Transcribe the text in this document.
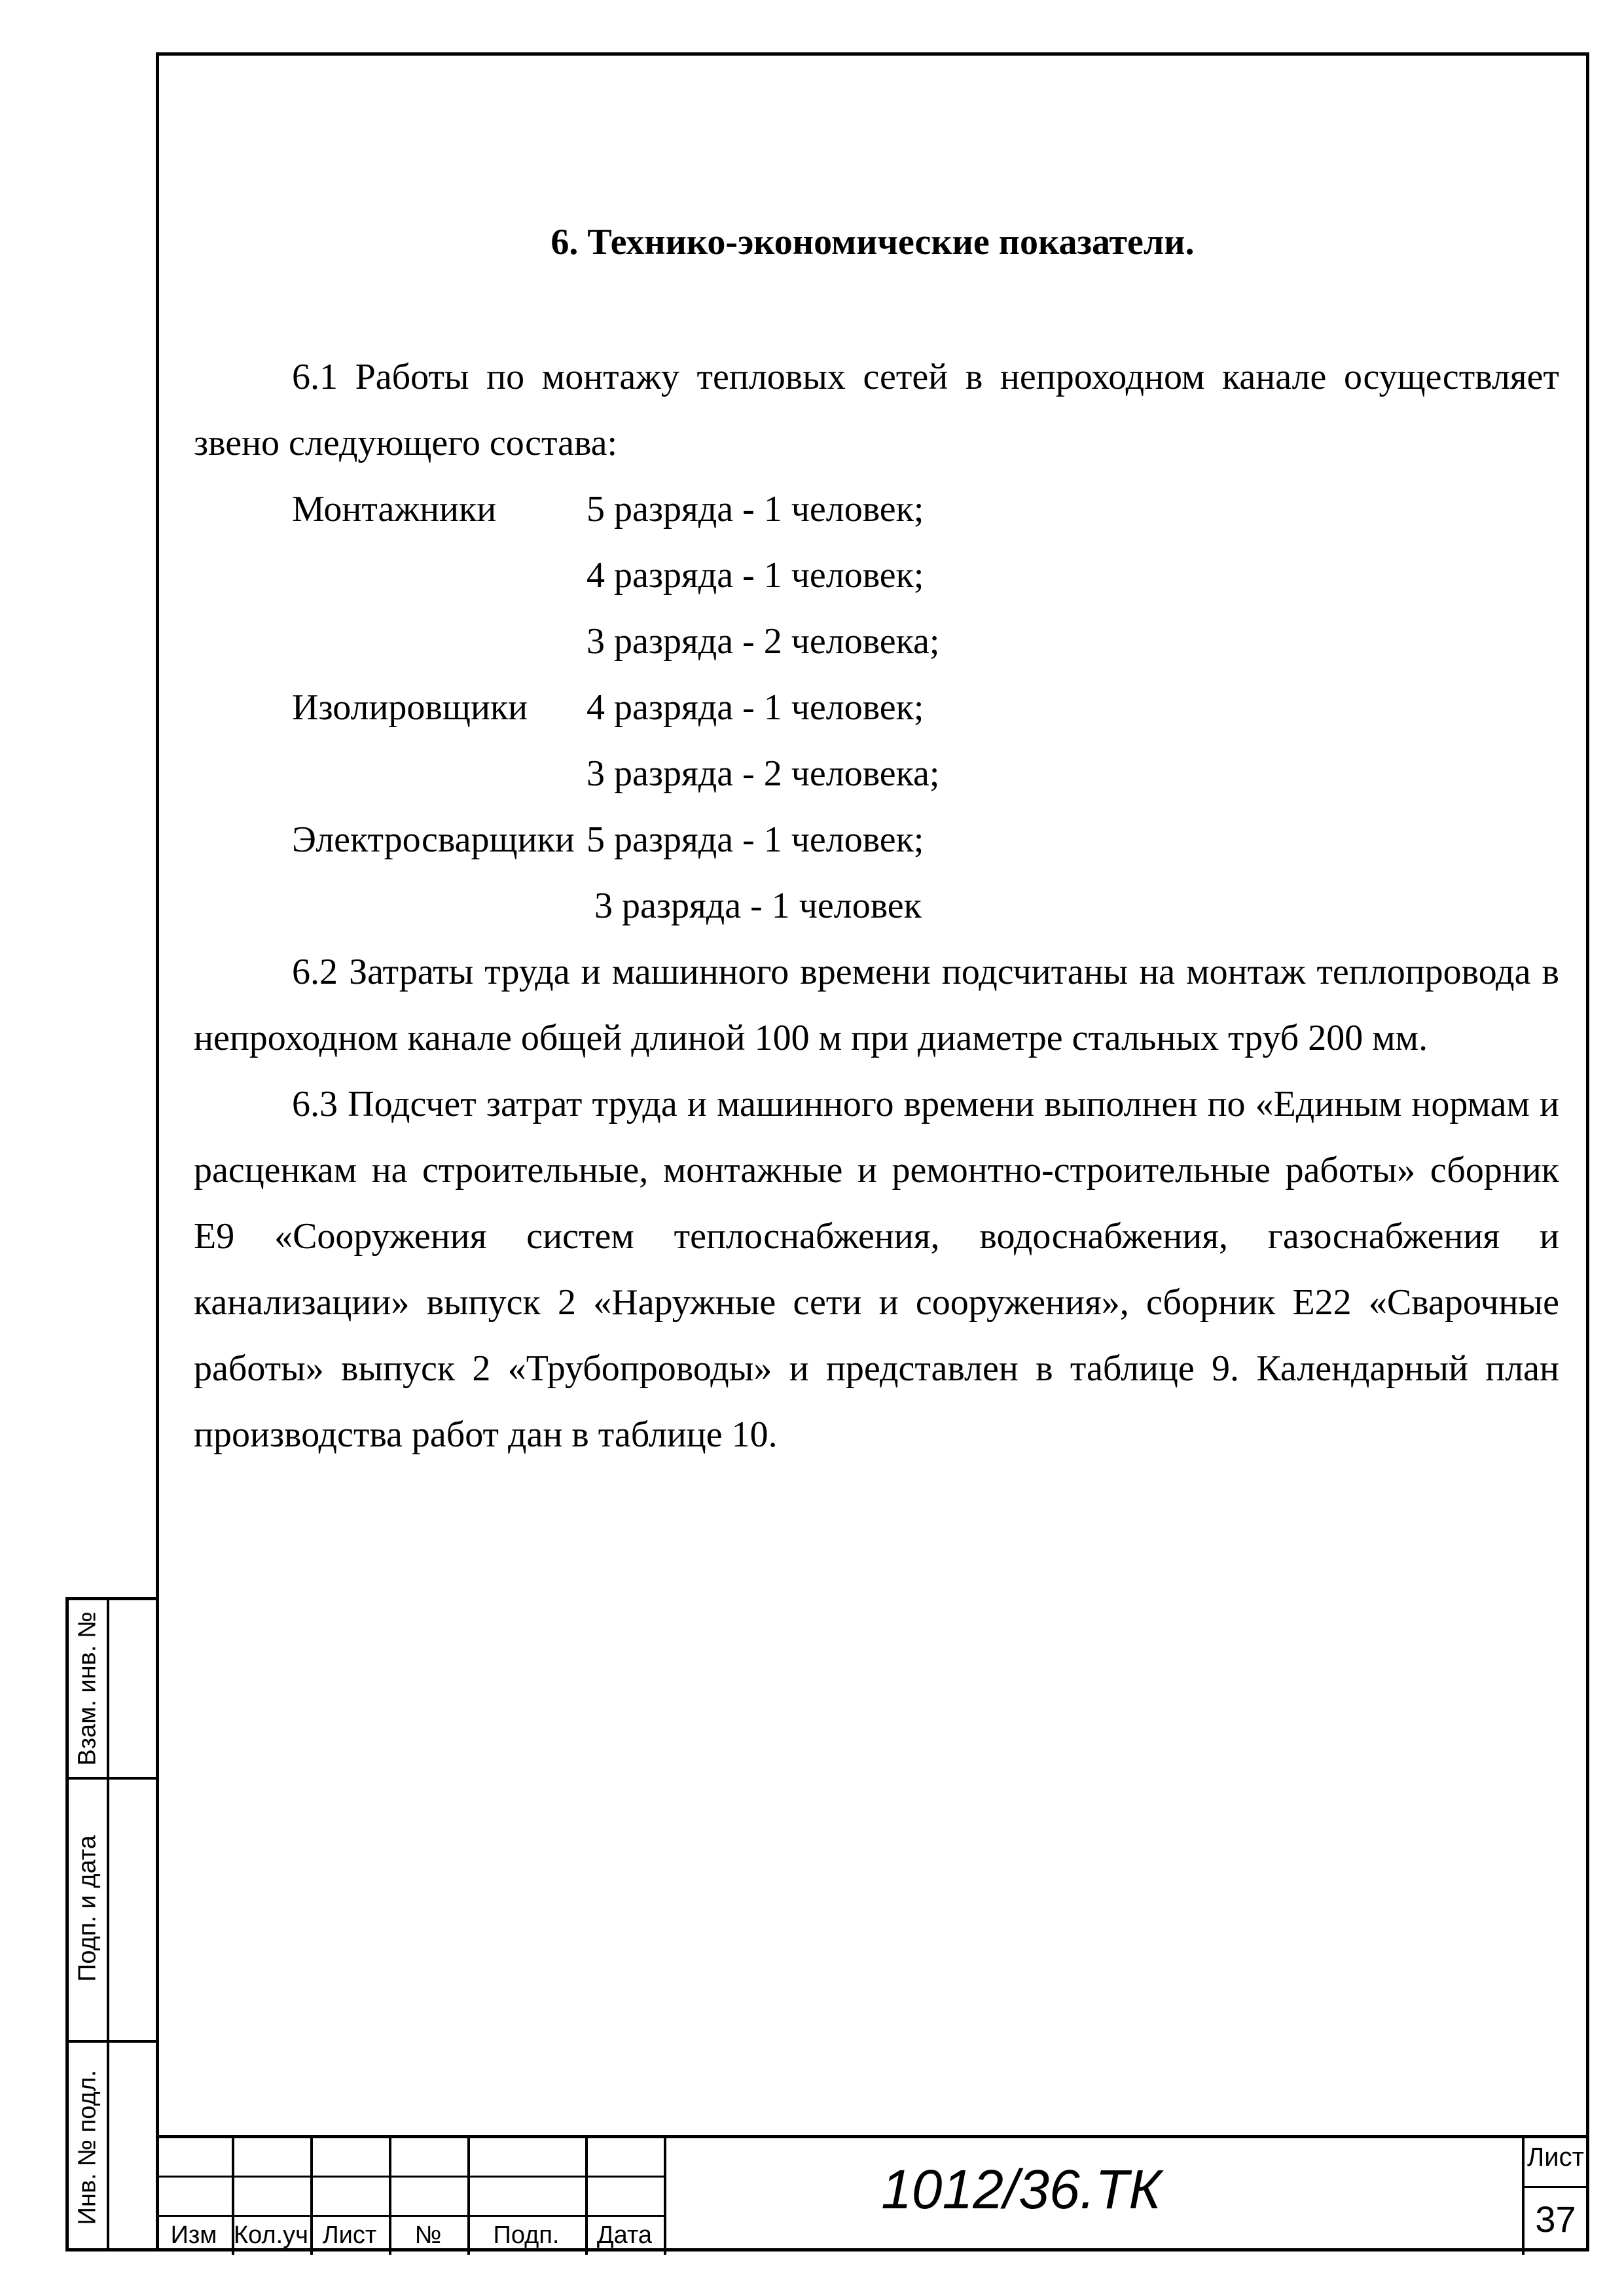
6. Технико-экономические показатели.

6.1 Работы по монтажу тепловых сетей в непроходном канале осуществляет звено следующего состава:

Монтажники	5 разряда - 1 человек;
4 разряда - 1 человек;
3 разряда - 2 человека;
Изолировщики	4 разряда - 1 человек;
3 разряда - 2 человека;
Электросварщики 5 разряда - 1 человек;
3 разряда - 1 человек

6.2 Затраты труда и машинного времени подсчитаны на монтаж теплопровода в непроходном канале общей длиной 100 м при диаметре стальных труб 200 мм.

6.3 Подсчет затрат труда и машинного времени выполнен по «Единым нормам и расценкам на строительные, монтажные и ремонтно-строительные работы» сборник Е9 «Сооружения систем теплоснабжения, водоснабжения, газоснабжения и канализации» выпуск 2 «Наружные сети и сооружения», сборник Е22 «Сварочные работы» выпуск 2 «Трубопроводы» и представлен в таблице 9. Календарный план производства работ дан в таблице 10.

Взам. инв. №
Подп. и дата
Инв. № подл.
Изм Кол.уч Лист	№	Подп.	Дата
1012/36.ТК
Лист
37
